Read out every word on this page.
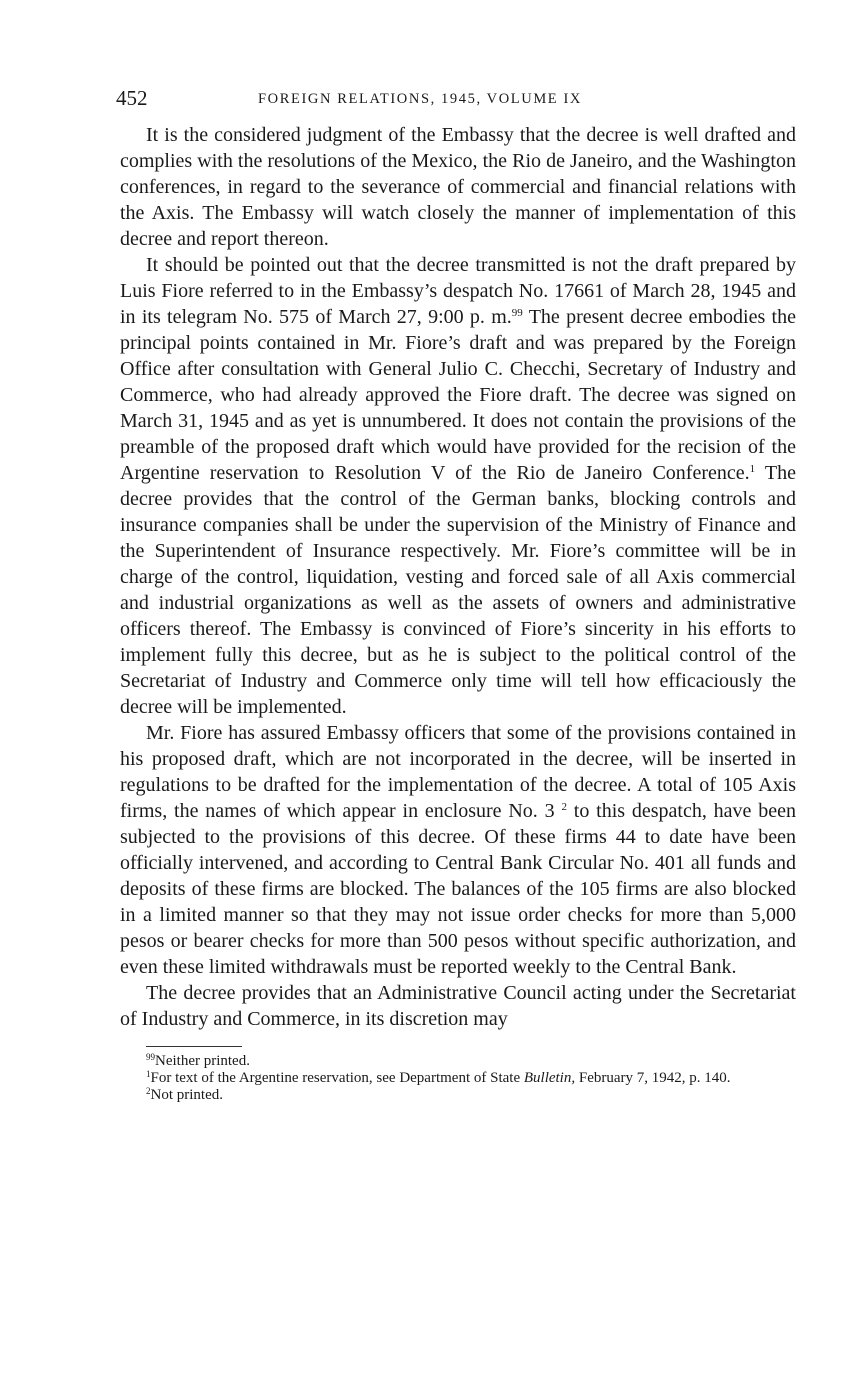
452	FOREIGN RELATIONS, 1945, VOLUME IX

It is the considered judgment of the Embassy that the decree is well drafted and complies with the resolutions of the Mexico, the Rio de Janeiro, and the Washington conferences, in regard to the severance of commercial and financial relations with the Axis. The Embassy will watch closely the manner of implementation of this decree and report thereon.

It should be pointed out that the decree transmitted is not the draft prepared by Luis Fiore referred to in the Embassy’s despatch No. 17661 of March 28, 1945 and in its telegram No. 575 of March 27, 9:00 p. m.$^{99}$ The present decree embodies the principal points contained in Mr. Fiore’s draft and was prepared by the Foreign Office after consultation with General Julio C. Checchi, Secretary of Industry and Commerce, who had already approved the Fiore draft. The decree was signed on March 31, 1945 and as yet is unnumbered. It does not contain the provisions of the preamble of the proposed draft which would have provided for the recision of the Argentine reservation to Resolution V of the Rio de Janeiro Conference.$^1$ The decree provides that the control of the German banks, blocking controls and insurance companies shall be under the supervision of the Ministry of Finance and the Superintendent of Insurance respectively. Mr. Fiore’s committee will be in charge of the control, liquidation, vesting and forced sale of all Axis commercial and industrial organizations as well as the assets of owners and administrative officers thereof. The Embassy is convinced of Fiore’s sincerity in his efforts to implement fully this decree, but as he is subject to the political control of the Secretariat of Industry and Commerce only time will tell how efficaciously the decree will be implemented.

Mr. Fiore has assured Embassy officers that some of the provisions contained in his proposed draft, which are not incorporated in the decree, will be inserted in regulations to be drafted for the implementation of the decree. A total of 105 Axis firms, the names of which appear in enclosure No. 3 $^2$ to this despatch, have been subjected to the provisions of this decree. Of these firms 44 to date have been officially intervened, and according to Central Bank Circular No. 401 all funds and deposits of these firms are blocked. The balances of the 105 firms are also blocked in a limited manner so that they may not issue order checks for more than 5,000 pesos or bearer checks for more than 500 pesos without specific authorization, and even these limited withdrawals must be reported weekly to the Central Bank.

The decree provides that an Administrative Council acting under the Secretariat of Industry and Commerce, in its discretion may

$^{99}$Neither printed.

$^1$For text of the Argentine reservation, see Department of State Bulletin, February 7, 1942, p. 140.

$^2$Not printed.
